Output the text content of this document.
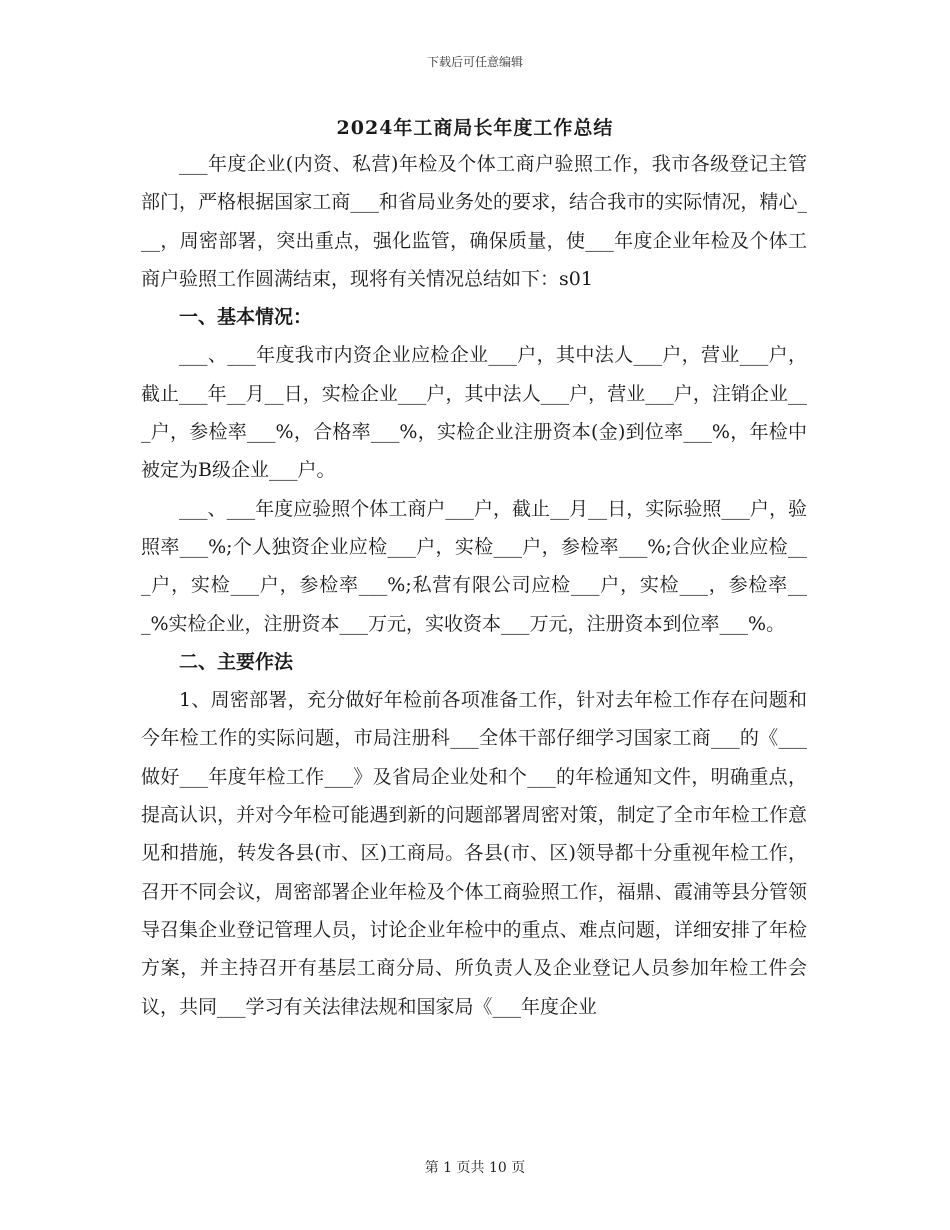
下载后可任意编辑
2024年工商局长年度工作总结

___年度企业(内资、私营)年检及个体工商户验照工作，我市各级登记主管部门，严格根据国家工商___和省局业务处的要求，结合我市的实际情况，精心___，周密部署，突出重点，强化监管，确保质量，使___年度企业年检及个体工商户验照工作圆满结束，现将有关情况总结如下：s01

一、基本情况：

___、___年度我市内资企业应检企业___户，其中法人___户，营业___户，截止___年__月__日，实检企业___户，其中法人___户，营业___户，注销企业___户，参检率___%，合格率___%，实检企业注册资本(金)到位率___%，年检中被定为B级企业___户。

___、___年度应验照个体工商户___户，截止__月__日，实际验照___户，验照率___%;个人独资企业应检___户，实检___户，参检率___%;合伙企业应检___户，实检___户，参检率___%;私营有限公司应检___户，实检___，参检率___%实检企业，注册资本___万元，实收资本___万元，注册资本到位率___%。

二、主要作法

1、周密部署，充分做好年检前各项准备工作，针对去年检工作存在问题和今年检工作的实际问题，市局注册科___全体干部仔细学习国家工商___的《___做好___年度年检工作___》及省局企业处和个___的年检通知文件，明确重点，提高认识，并对今年检可能遇到新的问题部署周密对策，制定了全市年检工作意见和措施，转发各县(市、区)工商局。各县(市、区)领导都十分重视年检工作，召开不同会议，周密部署企业年检及个体工商验照工作，福鼎、霞浦等县分管领导召集企业登记管理人员，讨论企业年检中的重点、难点问题，详细安排了年检方案，并主持召开有基层工商分局、所负责人及企业登记人员参加年检工件会议，共同___学习有关法律法规和国家局《___年度企业

第 1 页共 10 页
